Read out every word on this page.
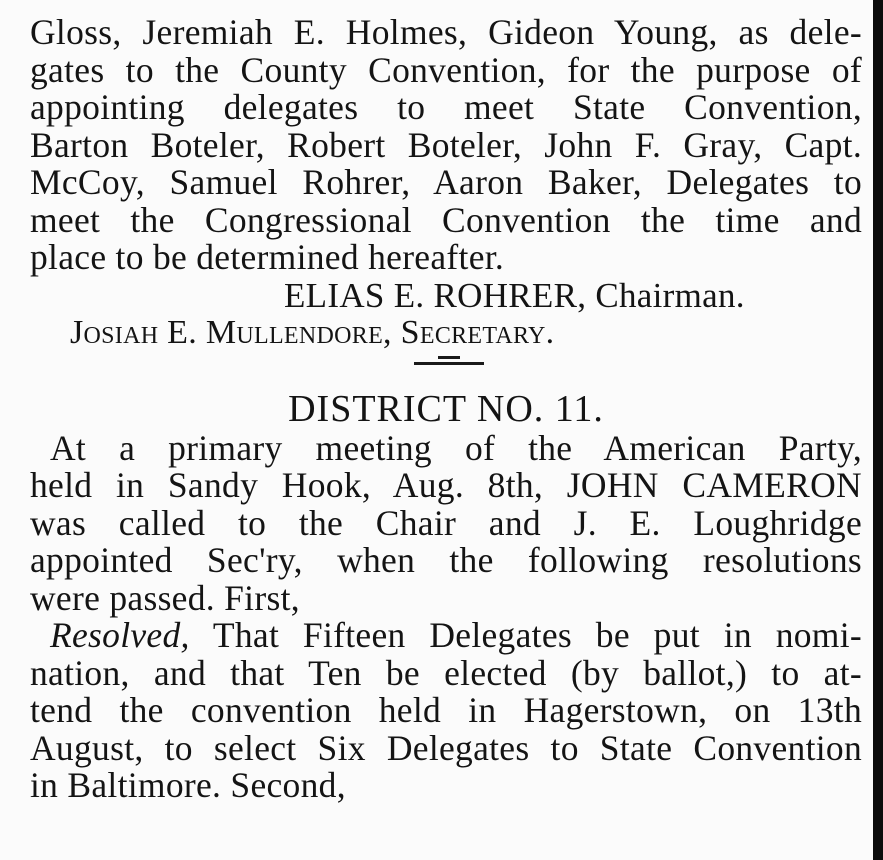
Gloss, Jeremiah E. Holmes, Gideon Young, as dele-
gates to the County Convention, for the purpose of
appointing delegates to meet State Convention,
Barton Boteler, Robert Boteler, John F. Gray, Capt.
McCoy, Samuel Rohrer, Aaron Baker, Delegates to
meet the Congressional Convention the time and
place to be determined hereafter.
ELIAS E. ROHRER, Chairman.
Josiah E. Mullendore, Secretary.
DISTRICT NO. 11.
At a primary meeting of the American Party,
held in Sandy Hook, Aug. 8th, JOHN CAMERON
was called to the Chair and J. E. Loughridge
appointed Sec'ry, when the following resolutions
were passed. First,
Resolved, That Fifteen Delegates be put in nomi-
nation, and that Ten be elected (by ballot,) to at-
tend the convention held in Hagerstown, on 13th
August, to select Six Delegates to State Convention
in Baltimore. Second,
